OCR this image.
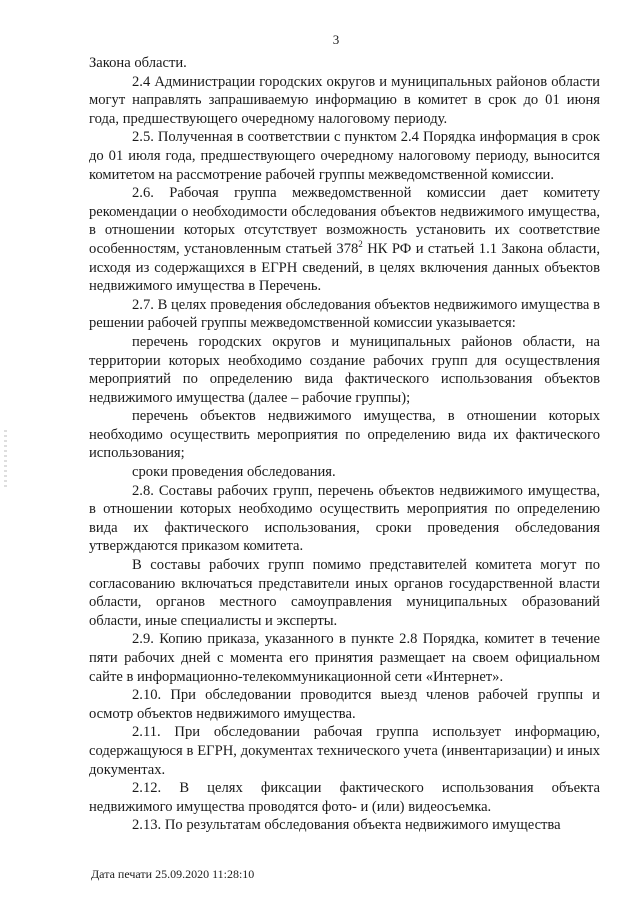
3

Закона области.

2.4 Администрации городских округов и муниципальных районов области могут направлять запрашиваемую информацию в комитет в срок до 01 июня года, предшествующего очередному налоговому периоду.

2.5. Полученная в соответствии с пунктом 2.4 Порядка информация в срок до 01 июля года, предшествующего очередному налоговому периоду, выносится комитетом на рассмотрение рабочей группы межведомственной комиссии.

2.6. Рабочая группа межведомственной комиссии дает комитету рекомендации о необходимости обследования объектов недвижимого имущества, в отношении которых отсутствует возможность установить их соответствие особенностям, установленным статьей $378^2$ НК РФ и статьей 1.1 Закона области, исходя из содержащихся в ЕГРН сведений, в целях включения данных объектов недвижимого имущества в Перечень.

2.7. В целях проведения обследования объектов недвижимого имущества в решении рабочей группы межведомственной комиссии указывается:

перечень городских округов и муниципальных районов области, на территории которых необходимо создание рабочих групп для осуществления мероприятий по определению вида фактического использования объектов недвижимого имущества (далее – рабочие группы);

перечень объектов недвижимого имущества, в отношении которых необходимо осуществить мероприятия по определению вида их фактического использования;

сроки проведения обследования.

2.8. Составы рабочих групп, перечень объектов недвижимого имущества, в отношении которых необходимо осуществить мероприятия по определению вида их фактического использования, сроки проведения обследования утверждаются приказом комитета.

В составы рабочих групп помимо представителей комитета могут по согласованию включаться представители иных органов государственной власти области, органов местного самоуправления муниципальных образований области, иные специалисты и эксперты.

2.9. Копию приказа, указанного в пункте 2.8 Порядка, комитет в течение пяти рабочих дней с момента его принятия размещает на своем официальном сайте в информационно-телекоммуникационной сети «Интернет».

2.10. При обследовании проводится выезд членов рабочей группы и осмотр объектов недвижимого имущества.

2.11. При обследовании рабочая группа использует информацию, содержащуюся в ЕГРН, документах технического учета (инвентаризации) и иных документах.

2.12. В целях фиксации фактического использования объекта недвижимого имущества проводятся фото- и (или) видеосъемка.

2.13. По результатам обследования объекта недвижимого имущества

Дата печати 25.09.2020 11:28:10
